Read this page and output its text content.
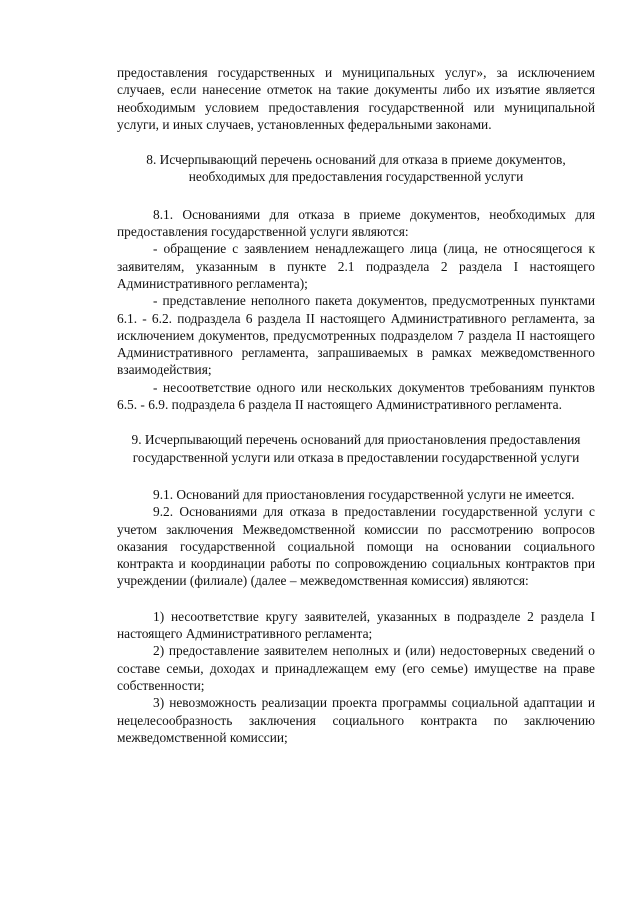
предоставления государственных и муниципальных услуг», за исключением случаев, если нанесение отметок на такие документы либо их изъятие является необходимым условием предоставления государственной или муниципальной услуги, и иных случаев, установленных федеральными законами.

8. Исчерпывающий перечень оснований для отказа в приеме документов, необходимых для предоставления государственной услуги

8.1. Основаниями для отказа в приеме документов, необходимых для предоставления государственной услуги являются:

- обращение с заявлением ненадлежащего лица (лица, не относящегося к заявителям, указанным в пункте 2.1 подраздела 2 раздела I настоящего Административного регламента);

- представление неполного пакета документов, предусмотренных пунктами 6.1. - 6.2. подраздела 6 раздела II настоящего Административного регламента, за исключением документов, предусмотренных подразделом 7 раздела II настоящего Административного регламента, запрашиваемых в рамках межведомственного взаимодействия;

- несоответствие одного или нескольких документов требованиям пунктов 6.5. - 6.9. подраздела 6 раздела II настоящего Административного регламента.

9. Исчерпывающий перечень оснований для приостановления предоставления государственной услуги или отказа в предоставлении государственной услуги

9.1. Оснований для приостановления государственной услуги не имеется.

9.2. Основаниями для отказа в предоставлении государственной услуги с учетом заключения Межведомственной комиссии по рассмотрению вопросов оказания государственной социальной помощи на основании социального контракта и координации работы по сопровождению социальных контрактов при учреждении (филиале) (далее – межведомственная комиссия) являются:

1) несоответствие кругу заявителей, указанных в подразделе 2 раздела I настоящего Административного регламента;

2) предоставление заявителем неполных и (или) недостоверных сведений о составе семьи, доходах и принадлежащем ему (его семье) имуществе на праве собственности;

3) невозможность реализации проекта программы социальной адаптации и нецелесообразность заключения социального контракта по заключению межведомственной комиссии;
